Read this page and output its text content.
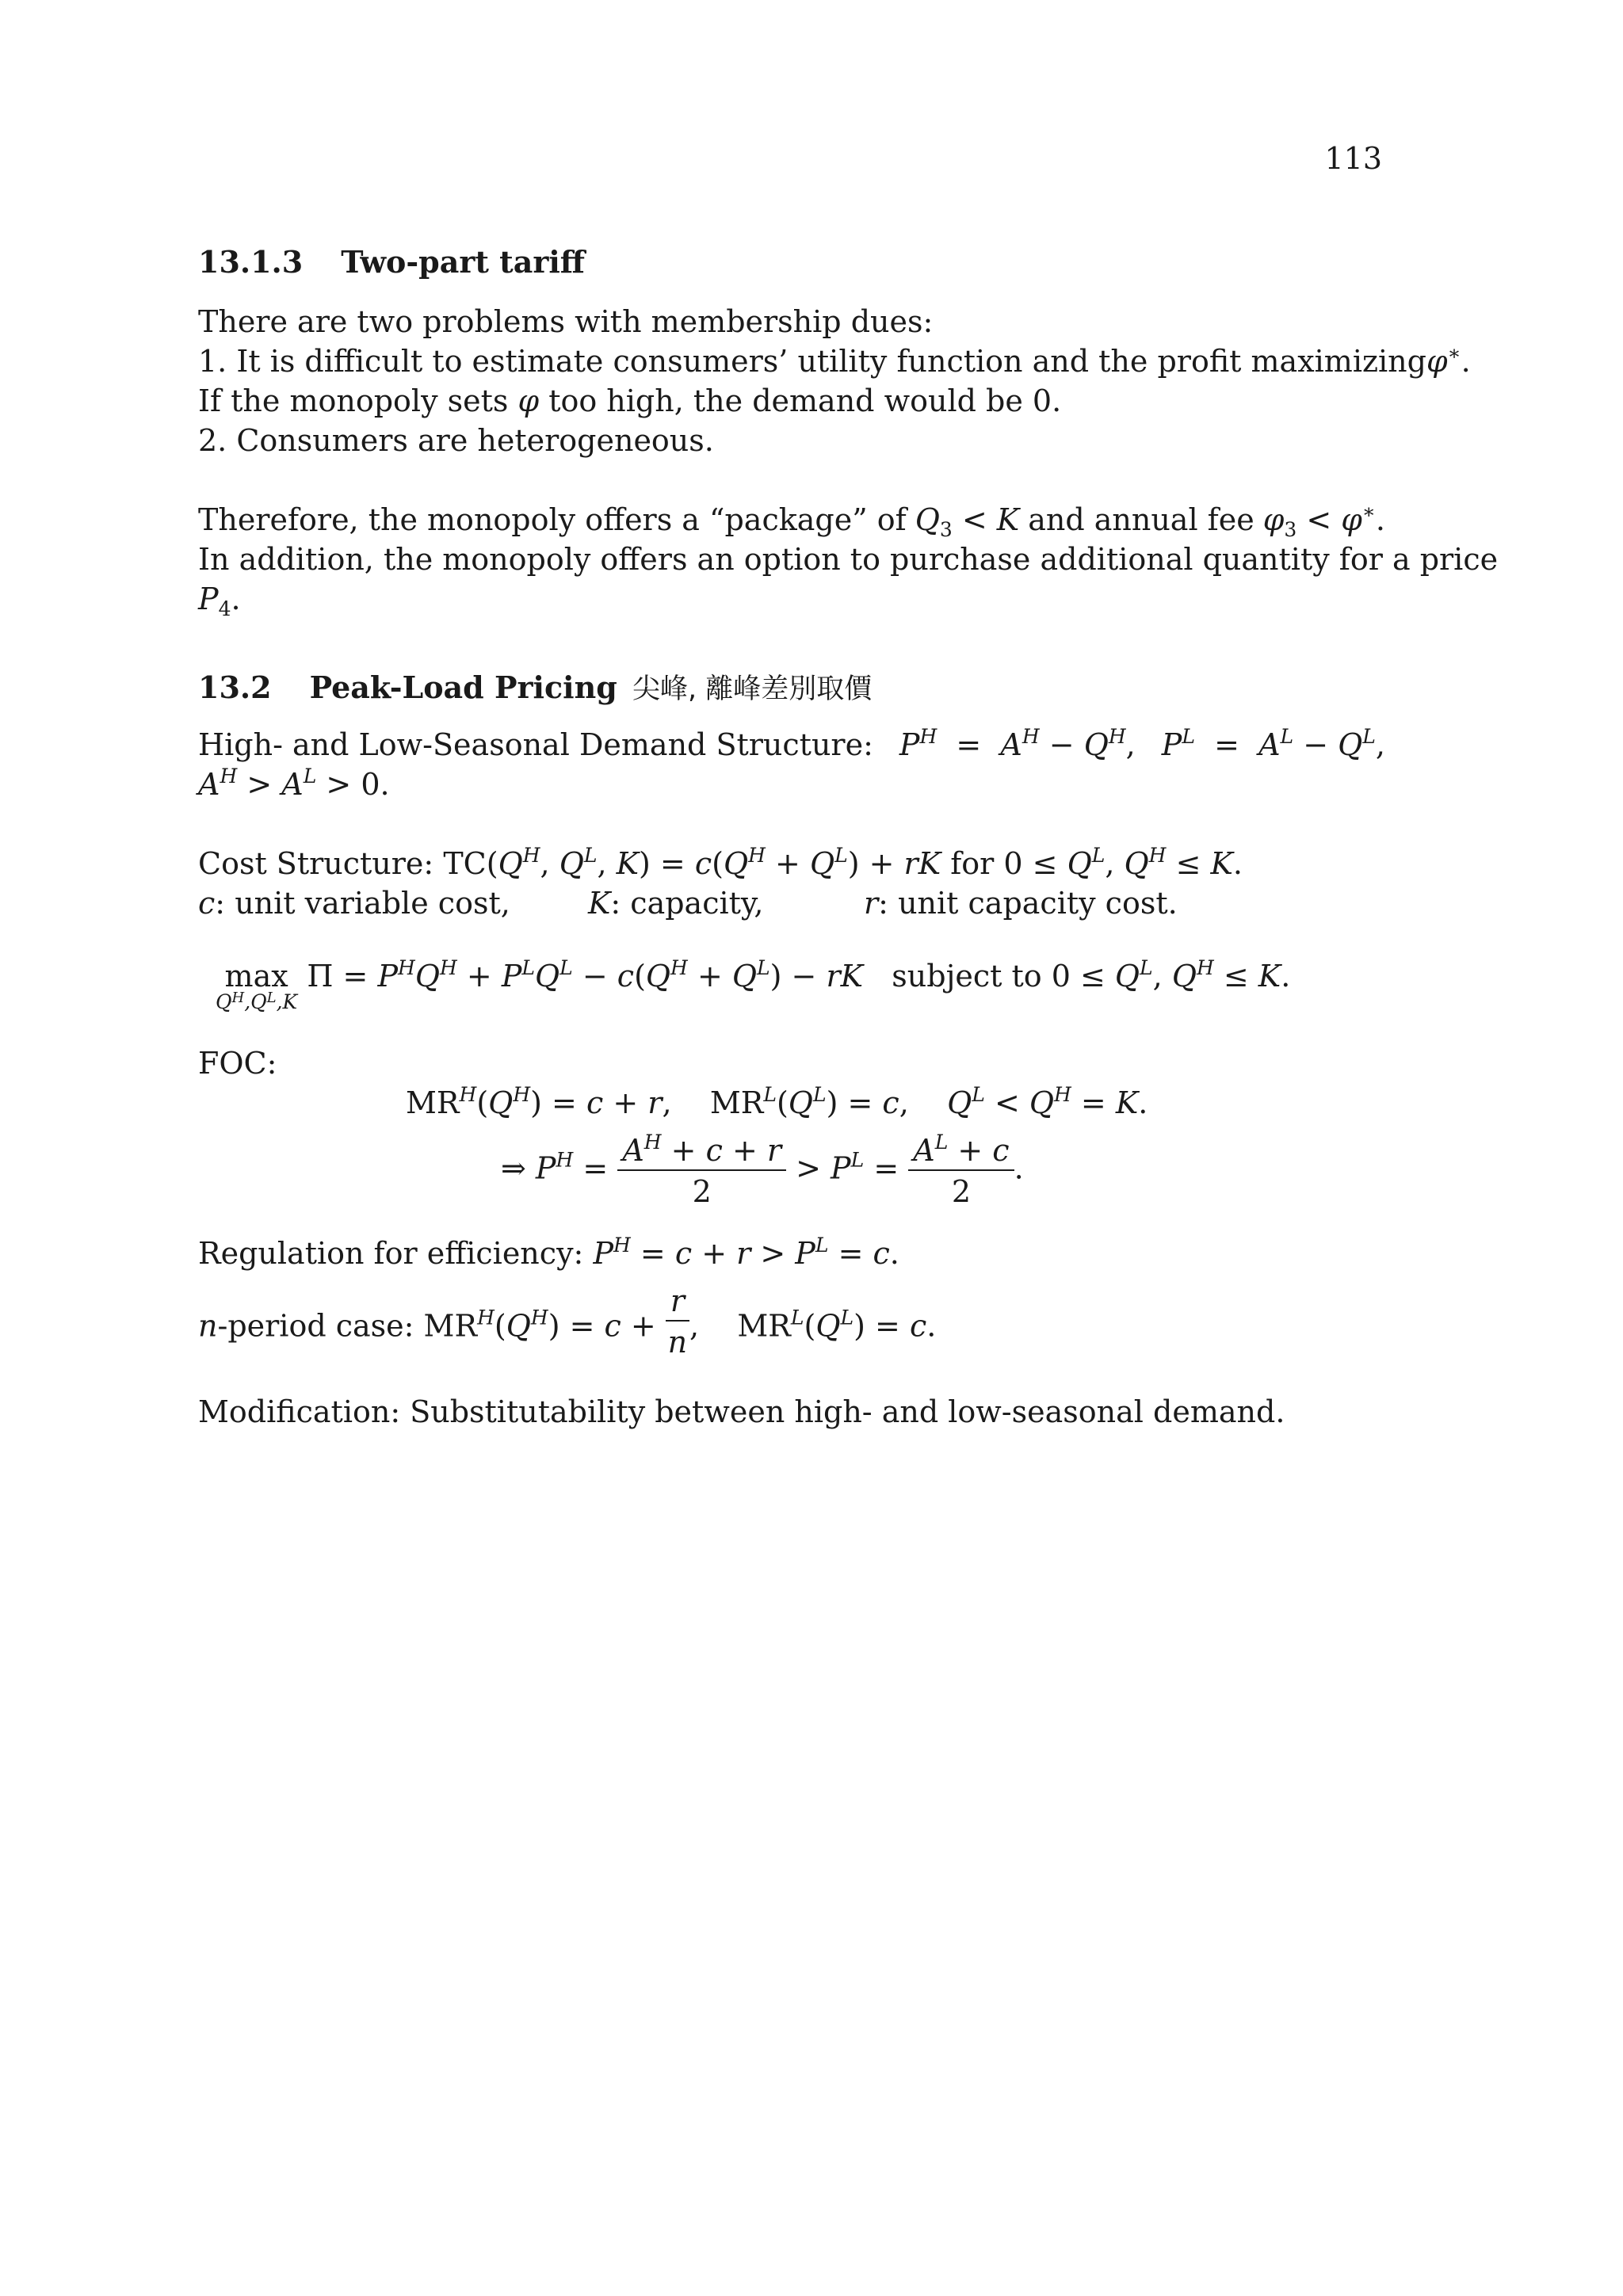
113
13.1.3 Two-part tariff
There are two problems with membership dues:
1. It is difficult to estimate consumers’ utility function and the profit maximizing φ∗.
If the monopoly sets φ too high, the demand would be 0.
2. Consumers are heterogeneous.
Therefore, the monopoly offers a “package” of $Q_3 < K$ and annual fee $\varphi_3 < \varphi^∗$.
In addition, the monopoly offers an option to purchase additional quantity for a price
$P_4$.
13.2 Peak-Load Pricing 尖峰, 離峰差別取價
High- and Low-Seasonal Demand Structure: $P^H = A^H - Q^H$, $P^L = A^L - Q^L$,
$A^H > A^L > 0$.
Cost Structure: $TC(Q^H$, $Q^L$, $K) = c(Q^H + Q^L)$ + rK for $0 \le Q^L$, $Q^H \le K$.
c: unit variable cost,	K: capacity,	r: unit capacity cost.
max
$Q^H,Q^L,K$
$\Pi = P^HQ^H + P^LQ^L - c(Q^H + Q^L)$ − rK subject to $0 \le Q^L$, $Q^H \le K$.
FOC:
$MR^H(Q^H) = c + r$,    $MR^L(Q^L) = c$,    $Q^L < Q^H = K$.
⇒ $P^H = \frac{A^H + c + r}{2} > P^L = \frac{A^L + c}{2}$ .
Regulation for efficiency: $P^H = c + r > P^L = c$.
n-period case: $MR^H(Q^H) = c + \frac{r}{n}$ ,    $MR^L(Q^L) = c$.
Modification: Substitutability between high- and low-seasonal demand.
